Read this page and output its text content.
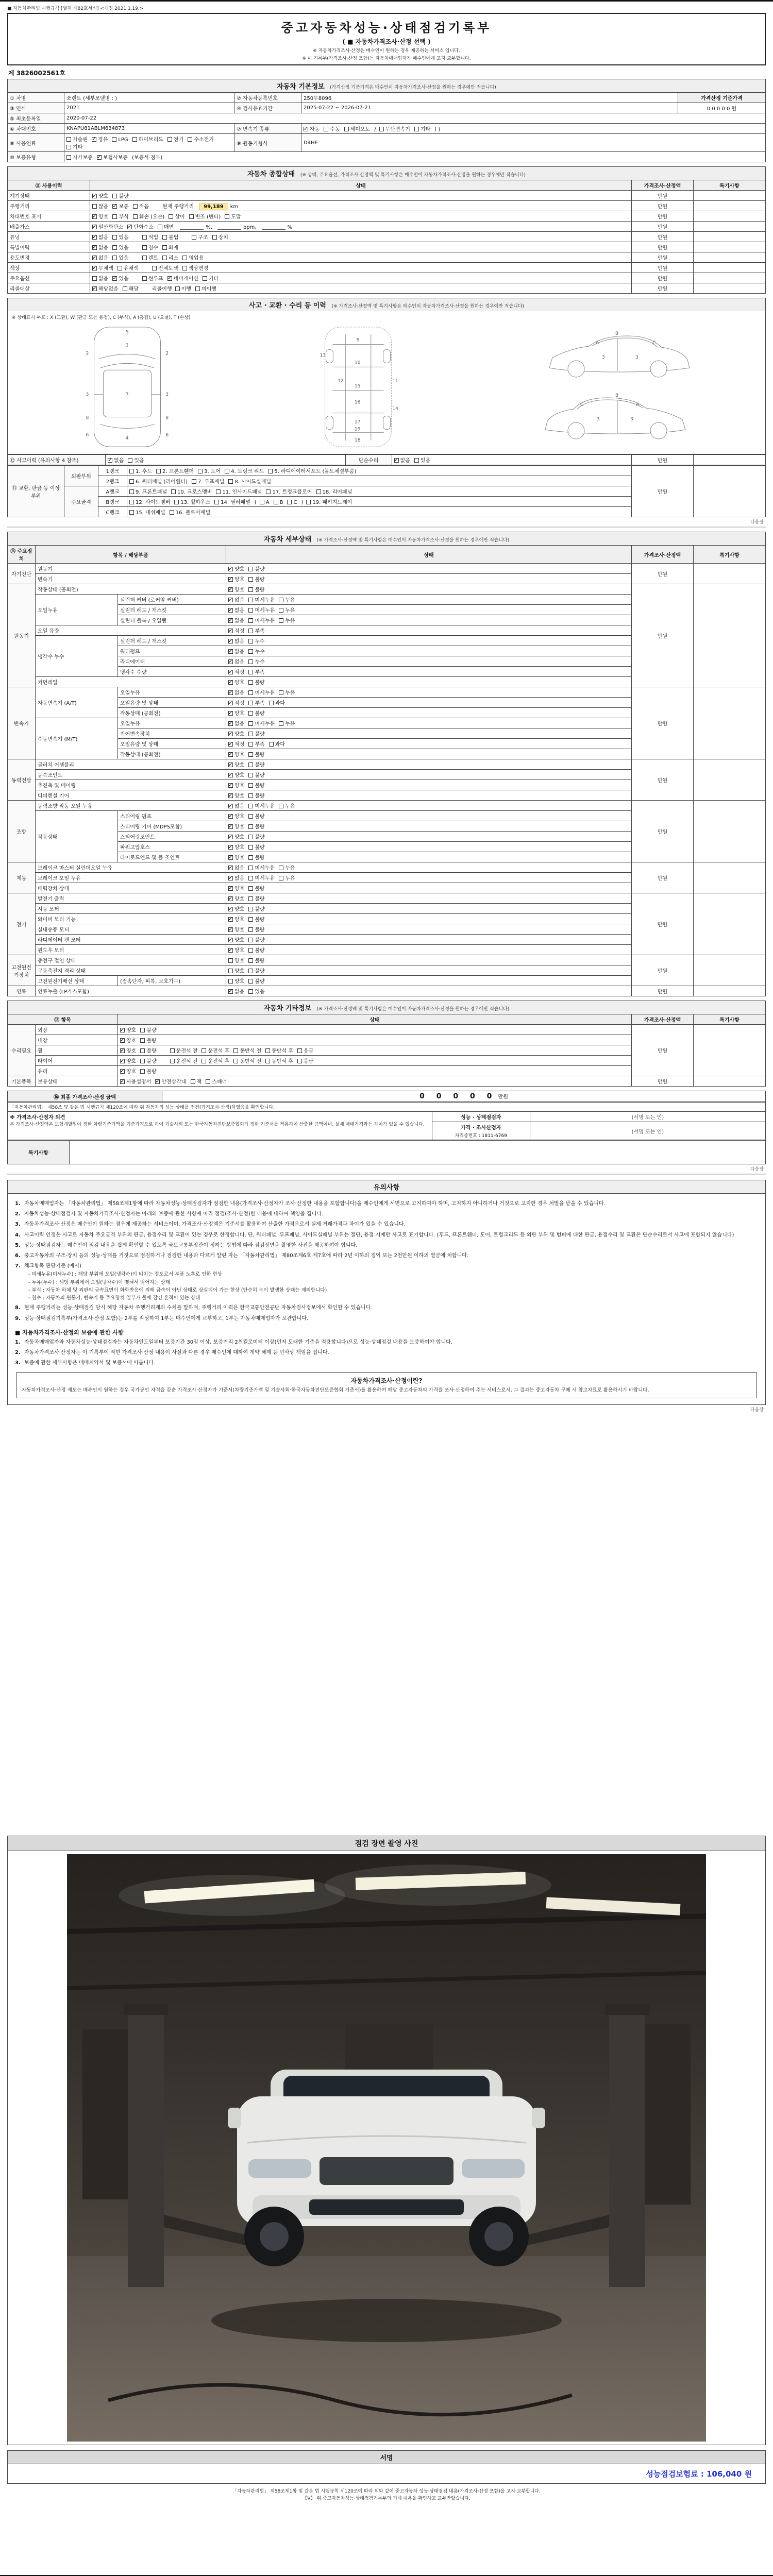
■ 자동차관리법 시행규칙 [별지 제82호서식] <개정 2021.1.19.>
중고자동차성능·상태점검기록부
( ■ 자동차가격조사·산정 선택 )
※ 자동차가격조사·산정은 매수인이 원하는 경우 제공하는 서비스 입니다.
※ 이 기록부(가격조사·산정 포함)는 자동차매매업자가 매수인에게 고지·교부합니다.
제 3826002561호
자동차 기본정보 (가격산정 기준가격은 매수인이 자동차가격조사·산정을 원하는 경우에만 적습니다)
① 차명	쏘렌토 (세부모델명 : )	② 자동차등록번호	250무8096	가격산정 기준가격
③ 연식	2021	④ 검사유효기간	2025-07-22 ~ 2026-07-21	0 0 0 0 0 원
⑤ 최초등록일	2020-07-22			
⑥ 차대번호	KNAPU81ABLM634873	⑦ 변속기 종류	✓자동 수동 세미오토 / 무단변속기 기타 ( )
⑧ 사용연료	가솔린 ✓ 경유 LPG 하이브리드 전기 수소전기기타	⑨ 원동기형식	D4HE	
⑩ 보증유형	자가보증 ✓ 보험사보증 (보증서 첨부)
자동차 종합상태 (※ 상태, 주요옵션, 가격조사·산정액 및 특기사항은 매수인이 자동차가격조사·산정을 원하는 경우에만 적습니다)
⑪ 사용이력	상태	가격조사·산정액	특기사항
계기상태	✓양호 불량	만원	
주행거리	많음 ✓ 보통 적음 현재 주행거리 99,189 km	만원	
차대번호 표기	✓양호 부식 훼손 (오손) 상이 변조 (변타) 도말	만원	
배출가스	✓일산화탄소 ✓ 탄화수소 매연 %, ppm, %	만원	
튜닝	✓없음 있음 적법 불법 구조 장치	만원	
특별이력	✓없음 있음 침수 화재	만원	
용도변경	✓없음 있음 렌트 리스 영업용	만원	
색상	✓무채색 유채색 전체도색 색상변경	만원	
주요옵션	없음 ✓ 있음 썬루프 ✓ 네비게이션 기타	만원	
리콜대상	✓해당없음 해당 리콜이행 이행 미이행	만원	
사고 · 교환 · 수리 등 이력 (※ 가격조사·산정액 및 특기사항은 매수인이 자동차가격조사·산정을 원하는 경우에만 적습니다)
※ 상태표시 부호 : X (교환), W (판금 또는 용접), C (부식), A (흠집), U (요철), T (손상)
1
7
4
2	2
3	3
8	8
6	6
5
9
10
12
15
16
17
18
13
11
14
19
A
B
C
3	3
C
B
A
3	3
⑫ 사고이력 (유의사항 4 참조)	✓없음 있음	단순수리	✓없음 있음	만원	
⑬ 교환, 판금 등 이상 부위	외판부위	1랭크	1. 후드 2. 프론트휀더 3. 도어 4. 트렁크 리드 5. 라디에이터서포트 (볼트체결부품)	만원	
		2랭크	6. 쿼터패널 (리어휀더) 7. 루프패널 8. 사이드실패널		
	주요골격	A랭크	9. 프론트패널 10. 크로스멤버 11. 인사이드패널 17. 트렁크플로어 18. 리어패널		
		B랭크	12. 사이드멤버 13. 휠하우스 14. 필러패널 ( A B C ) 19. 패키지트레이		
		C랭크	15. 대쉬패널 16. 플로어패널		
다음장
자동차 세부상태 (※ 가격조사·산정액 및 특기사항은 매수인이 자동차가격조사·산정을 원하는 경우에만 적습니다)
⑭ 주요장치	항목 / 해당부품		상태	가격조사·산정액	특기사항
자기진단	원동기	✓양호 불량	만원	
	변속기	✓양호 불량
원동기	작동상태 (공회전)	✓양호 불량	만원	
	오일누유	실린더 커버 (로커암 커버)	✓없음 미세누유 누유
		실린더 헤드 / 개스킷	✓없음 미세누유 누유
		실린더 블록 / 오일팬	✓없음 미세누유 누유
	오일 유량	✓적정 부족
	냉각수 누수	실린더 헤드 / 개스킷	✓없음 누수
		워터펌프	✓없음 누수
		라디에이터	✓없음 누수
		냉각수 수량	✓적정 부족
	커먼레일	✓양호 불량
변속기	자동변속기 (A/T)	오일누유	✓없음 미세누유 누유	만원	
		오일유량 및 상태	✓적정 부족 과다
		작동상태 (공회전)	✓양호 불량
	수동변속기 (M/T)	오일누유	✓없음 미세누유 누유
		기어변속장치	✓양호 불량
		오일유량 및 상태	✓적정 부족 과다
		작동상태 (공회전)	✓양호 불량
동력전달	클러치 어셈블리	✓양호 불량	만원	
	등속조인트	✓양호 불량
	추진축 및 베어링	✓양호 불량
	디퍼렌셜 기어	✓양호 불량
조향	동력조향 작동 오일 누유	✓없음 미세누유 누유	만원	
	작동상태	스티어링 펌프	✓양호 불량
		스티어링 기어 (MDPS포함)	✓양호 불량
		스티어링조인트	✓양호 불량
		파워고압호스	✓양호 불량
		타이로드엔드 및 볼 조인트	✓양호 불량
제동	브레이크 마스터 실린더오일 누유	✓없음 미세누유 누유	만원	
	브레이크 오일 누유	✓없음 미세누유 누유
	배력장치 상태	✓양호 불량
전기	발전기 출력	✓양호 불량	만원	
	시동 모터	✓양호 불량
	와이퍼 모터 기능	✓양호 불량
	실내송풍 모터	✓양호 불량
	라디에이터 팬 모터	✓양호 불량
	윈도우 모터	✓양호 불량
고전원전기장치	충전구 절연 상태		양호 불량	만원	
	구동축전지 격리 상태		양호 불량		
	고전원전기배선 상태	(접속단자, 피복, 보호기구)	양호 불량		
연료	연료누출 (LP가스포함)	✓없음 있음	만원	
자동차 기타정보 (※ 가격조사·산정액 및 특기사항은 매수인이 자동차가격조사·산정을 원하는 경우에만 적습니다)
⑮ 항목		상태	가격조사·산정액	특기사항
수리필요	외장	✓양호 불량	만원	
	내장	✓양호 불량
	휠	✓양호 불량 운전석 전 운전석 후 동반석 전 동반석 후 응급
	타이어	✓양호 불량 운전석 전 운전석 후 동반석 전 동반석 후 응급
	유리	✓양호 불량
기본품목	보유상태	✓사용설명서 ✓ 안전삼각대 잭 스패너	만원	
⑯ 최종 가격조사·산정 금액	0 0 0 0 0 만원
「자동차관리법」 제58조 및 같은 법 시행규칙 제120조에 따라 위 자동차의 성능·상태를 점검(가격조사·산정)하였음을 확인합니다.		

※ 가격조사·산정자 의견
본 가격조사·산정액은 보험개발원이 정한 차량기준가액을 기준가격으로 하여 기술사회 또는 한국자동차진단보증협회가 정한 기준서를 적용하여 산출한 금액이며, 실제 매매가격과는 차이가 있을 수 있습니다.	성능 · 상태점검자	(서명 또는 인)
	가격 · 조사산정자
자격증번호 : 1811-6769	(서명 또는 인)
특기사항	
다음장
유의사항
1. 자동차매매업자는 「자동차관리법」 제58조제1항에 따라 자동차성능·상태점검자가 점검한 내용(가격조사·산정자가 조사·산정한 내용을 포함합니다)을 매수인에게 서면으로 고지하여야 하며, 고지하지 아니하거나 거짓으로 고지한 경우 처벌을 받을 수 있습니다.
2. 자동차성능·상태점검자 및 자동차가격조사·산정자는 아래의 보증에 관한 사항에 따라 점검(조사·산정)한 내용에 대하여 책임을 집니다.
3. 자동차가격조사·산정은 매수인이 원하는 경우에 제공하는 서비스이며, 가격조사·산정액은 기준서를 활용하여 산출한 가격으로서 실제 거래가격과 차이가 있을 수 있습니다.
4. 사고이력 인정은 사고로 자동차 주요골격 부위의 판금, 용접수리 및 교환이 있는 경우로 한정합니다. 단, 쿼터패널, 루프패널, 사이드실패널 부위는 절단, 용접 시에만 사고로 표기합니다. (후드, 프론트휀더, 도어, 트렁크리드 등 외판 부위 및 범퍼에 대한 판금, 용접수리 및 교환은 단순수리로서 사고에 포함되지 않습니다)
5. 성능·상태점검자는 매수인이 점검 내용을 쉽게 확인할 수 있도록 국토교통부장관이 정하는 방법에 따라 점검장면을 촬영한 사진을 제공하여야 합니다.
6. 중고자동차의 구조·장치 등의 성능·상태를 거짓으로 점검하거나 점검한 내용과 다르게 알린 자는 「자동차관리법」 제80조제6호·제7호에 따라 2년 이하의 징역 또는 2천만원 이하의 벌금에 처합니다.
7. 체크항목 판단기준 (예시)
- 미세누유(미세누수) : 해당 부위에 오일(냉각수)이 비치는 정도로서 부품 노후로 인한 현상
- 누유(누수) : 해당 부위에서 오일(냉각수)이 맺혀서 떨어지는 상태
- 부식 : 자동차 하체 및 외판의 금속표면이 화학반응에 의해 금속이 아닌 상태로 상실되어 가는 현상 (단순히 녹이 발생한 상태는 제외합니다)
- 침수 : 자동차의 원동기, 변속기 등 주요장치 일부가 물에 잠긴 흔적이 있는 상태
8. 현재 주행거리는 성능·상태점검 당시 해당 자동차 주행거리계의 수치를 말하며, 주행거리 이력은 한국교통안전공단 자동차검사정보에서 확인할 수 있습니다.
9. 성능·상태점검기록부(가격조사·산정 포함)는 2부를 작성하여 1부는 매수인에게 교부하고, 1부는 자동차매매업자가 보관합니다.
■ 자동차가격조사·산정의 보증에 관한 사항
1. 자동차매매업자와 자동차성능·상태점검자는 자동차인도일부터 보증기간 30일 이상, 보증거리 2천킬로미터 이상(먼저 도래한 기준을 적용합니다)으로 성능·상태점검 내용을 보증하여야 합니다.
2. 자동차가격조사·산정자는 이 기록부에 적힌 가격조사·산정 내용이 사실과 다른 경우 매수인에 대하여 계약 해제 등 민사상 책임을 집니다.
3. 보증에 관한 세부사항은 매매계약서 및 보증서에 따릅니다.
자동차가격조사·산정이란?
자동차가격조사·산정 제도는 매수인이 원하는 경우 국가공인 자격을 갖춘 가격조사·산정자가 기준서(차량기준가액 및 기술사회·한국자동차진단보증협회 기준서)를 활용하여 해당 중고자동차의 가격을 조사·산정하여 주는 서비스로서, 그 결과는 중고자동차 구매 시 참고자료로 활용하시기 바랍니다.
다음장
점검 장면 촬영 사진
서명
성능점검보험료 : 106,040 원
「자동차관리법」 제58조제1항 및 같은 법 시행규칙 제120조에 따라 위와 같이 중고자동차 성능·상태점검 내용(가격조사·산정 포함)을 고지·교부합니다.
【Ⅴ】 위 중고자동차성능·상태점검기록부의 기재 내용을 확인하고 교부받았습니다.
